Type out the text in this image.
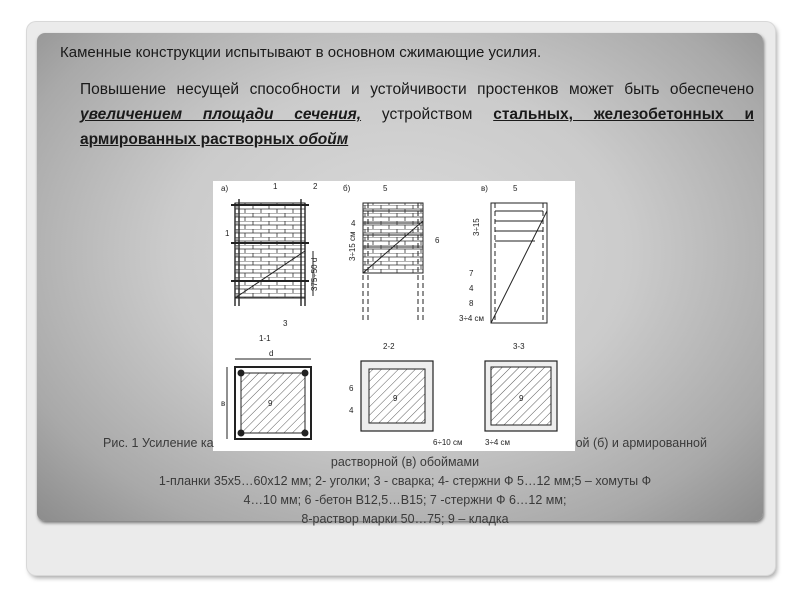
Каменные конструкции испытывают в основном сжимающие усилия.

Повышение несущей способности и устойчивости простенков может быть обеспечено увеличением площади сечения, устройством стальных, железобетонных и армированных растворных обойм

а)	1	2
375÷50 d
3
1
б)	5
4
6
3÷15 см
в)	5
3÷15
7
4
8
3÷4 см
1-1
d
в	9
2-2
6
4
9
6÷10 см
3-3
9
3÷4 см

Рис. 1 Усиление ка	ой (б) и армированной
растворной (в) обоймами
1-планки 35х5…60х12 мм; 2- уголки; 3 - сварка; 4- стержни Ф 5…12 мм;5 – хомуты Ф
4…10 мм; 6 -бетон В12,5…В15; 7 -стержни Ф 6…12 мм;
8-раствор марки 50…75; 9 – кладка
